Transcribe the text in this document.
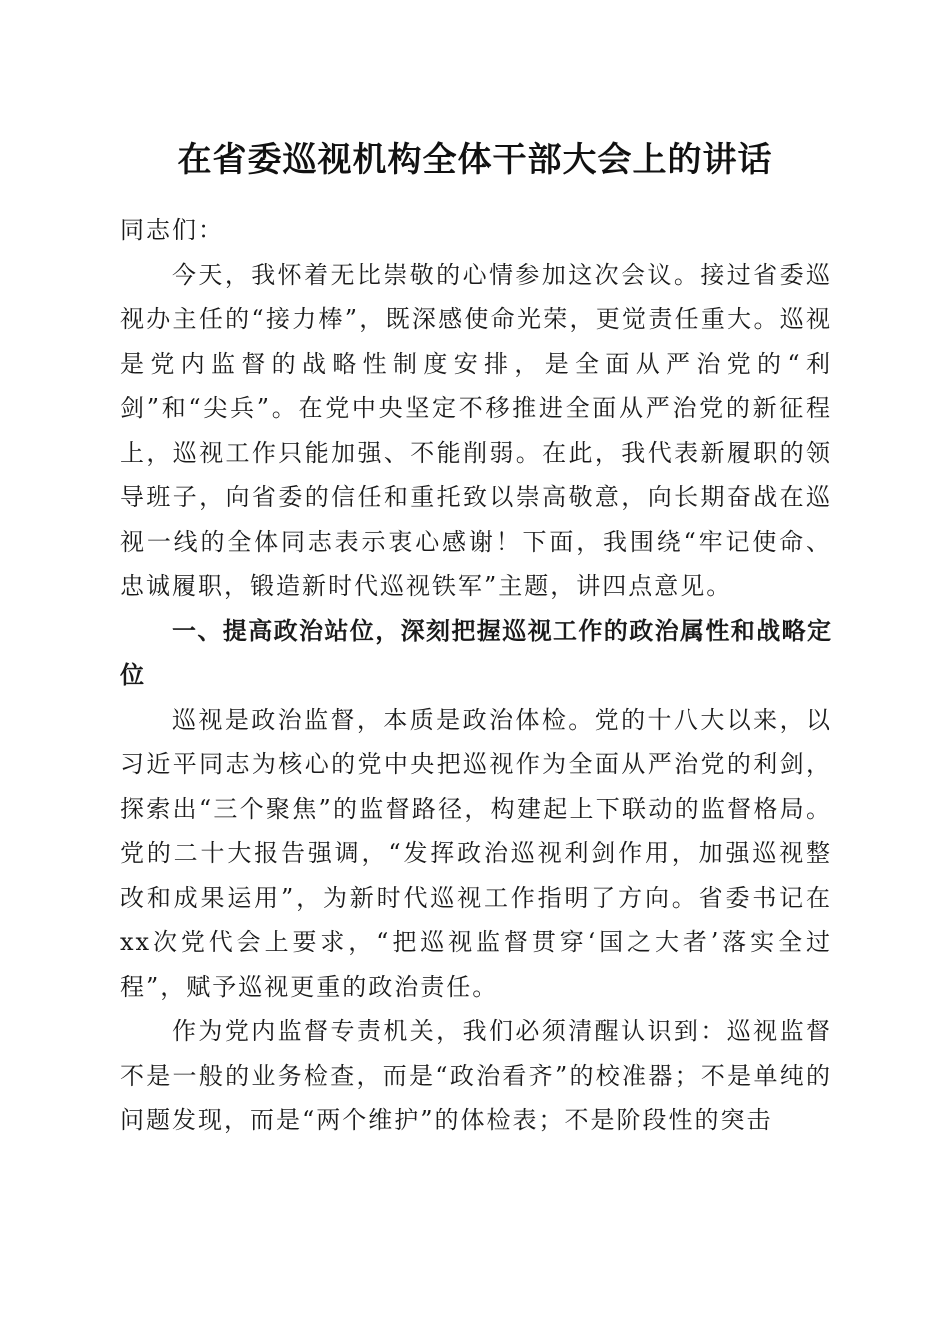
在省委巡视机构全体干部大会上的讲话

同志们：

今天，我怀着无比崇敬的心情参加这次会议。接过省委巡视办主任的“接力棒”，既深感使命光荣，更觉责任重大。巡视是党内监督的战略性制度安排，是全面从严治党的“利剑”和“尖兵”。在党中央坚定不移推进全面从严治党的新征程上，巡视工作只能加强、不能削弱。在此，我代表新履职的领导班子，向省委的信任和重托致以崇高敬意，向长期奋战在巡视一线的全体同志表示衷心感谢！下面，我围绕“牢记使命、忠诚履职，锻造新时代巡视铁军”主题，讲四点意见。

一、提高政治站位，深刻把握巡视工作的政治属性和战略定位

巡视是政治监督，本质是政治体检。党的十八大以来，以习近平同志为核心的党中央把巡视作为全面从严治党的利剑，探索出“三个聚焦”的监督路径，构建起上下联动的监督格局。党的二十大报告强调，“发挥政治巡视利剑作用，加强巡视整改和成果运用”，为新时代巡视工作指明了方向。省委书记在xx次党代会上要求，“把巡视监督贯穿‘国之大者’落实全过程”，赋予巡视更重的政治责任。

作为党内监督专责机关，我们必须清醒认识到：巡视监督不是一般的业务检查，而是“政治看齐”的校准器；不是单纯的问题发现，而是“两个维护”的体检表；不是阶段性的突击
